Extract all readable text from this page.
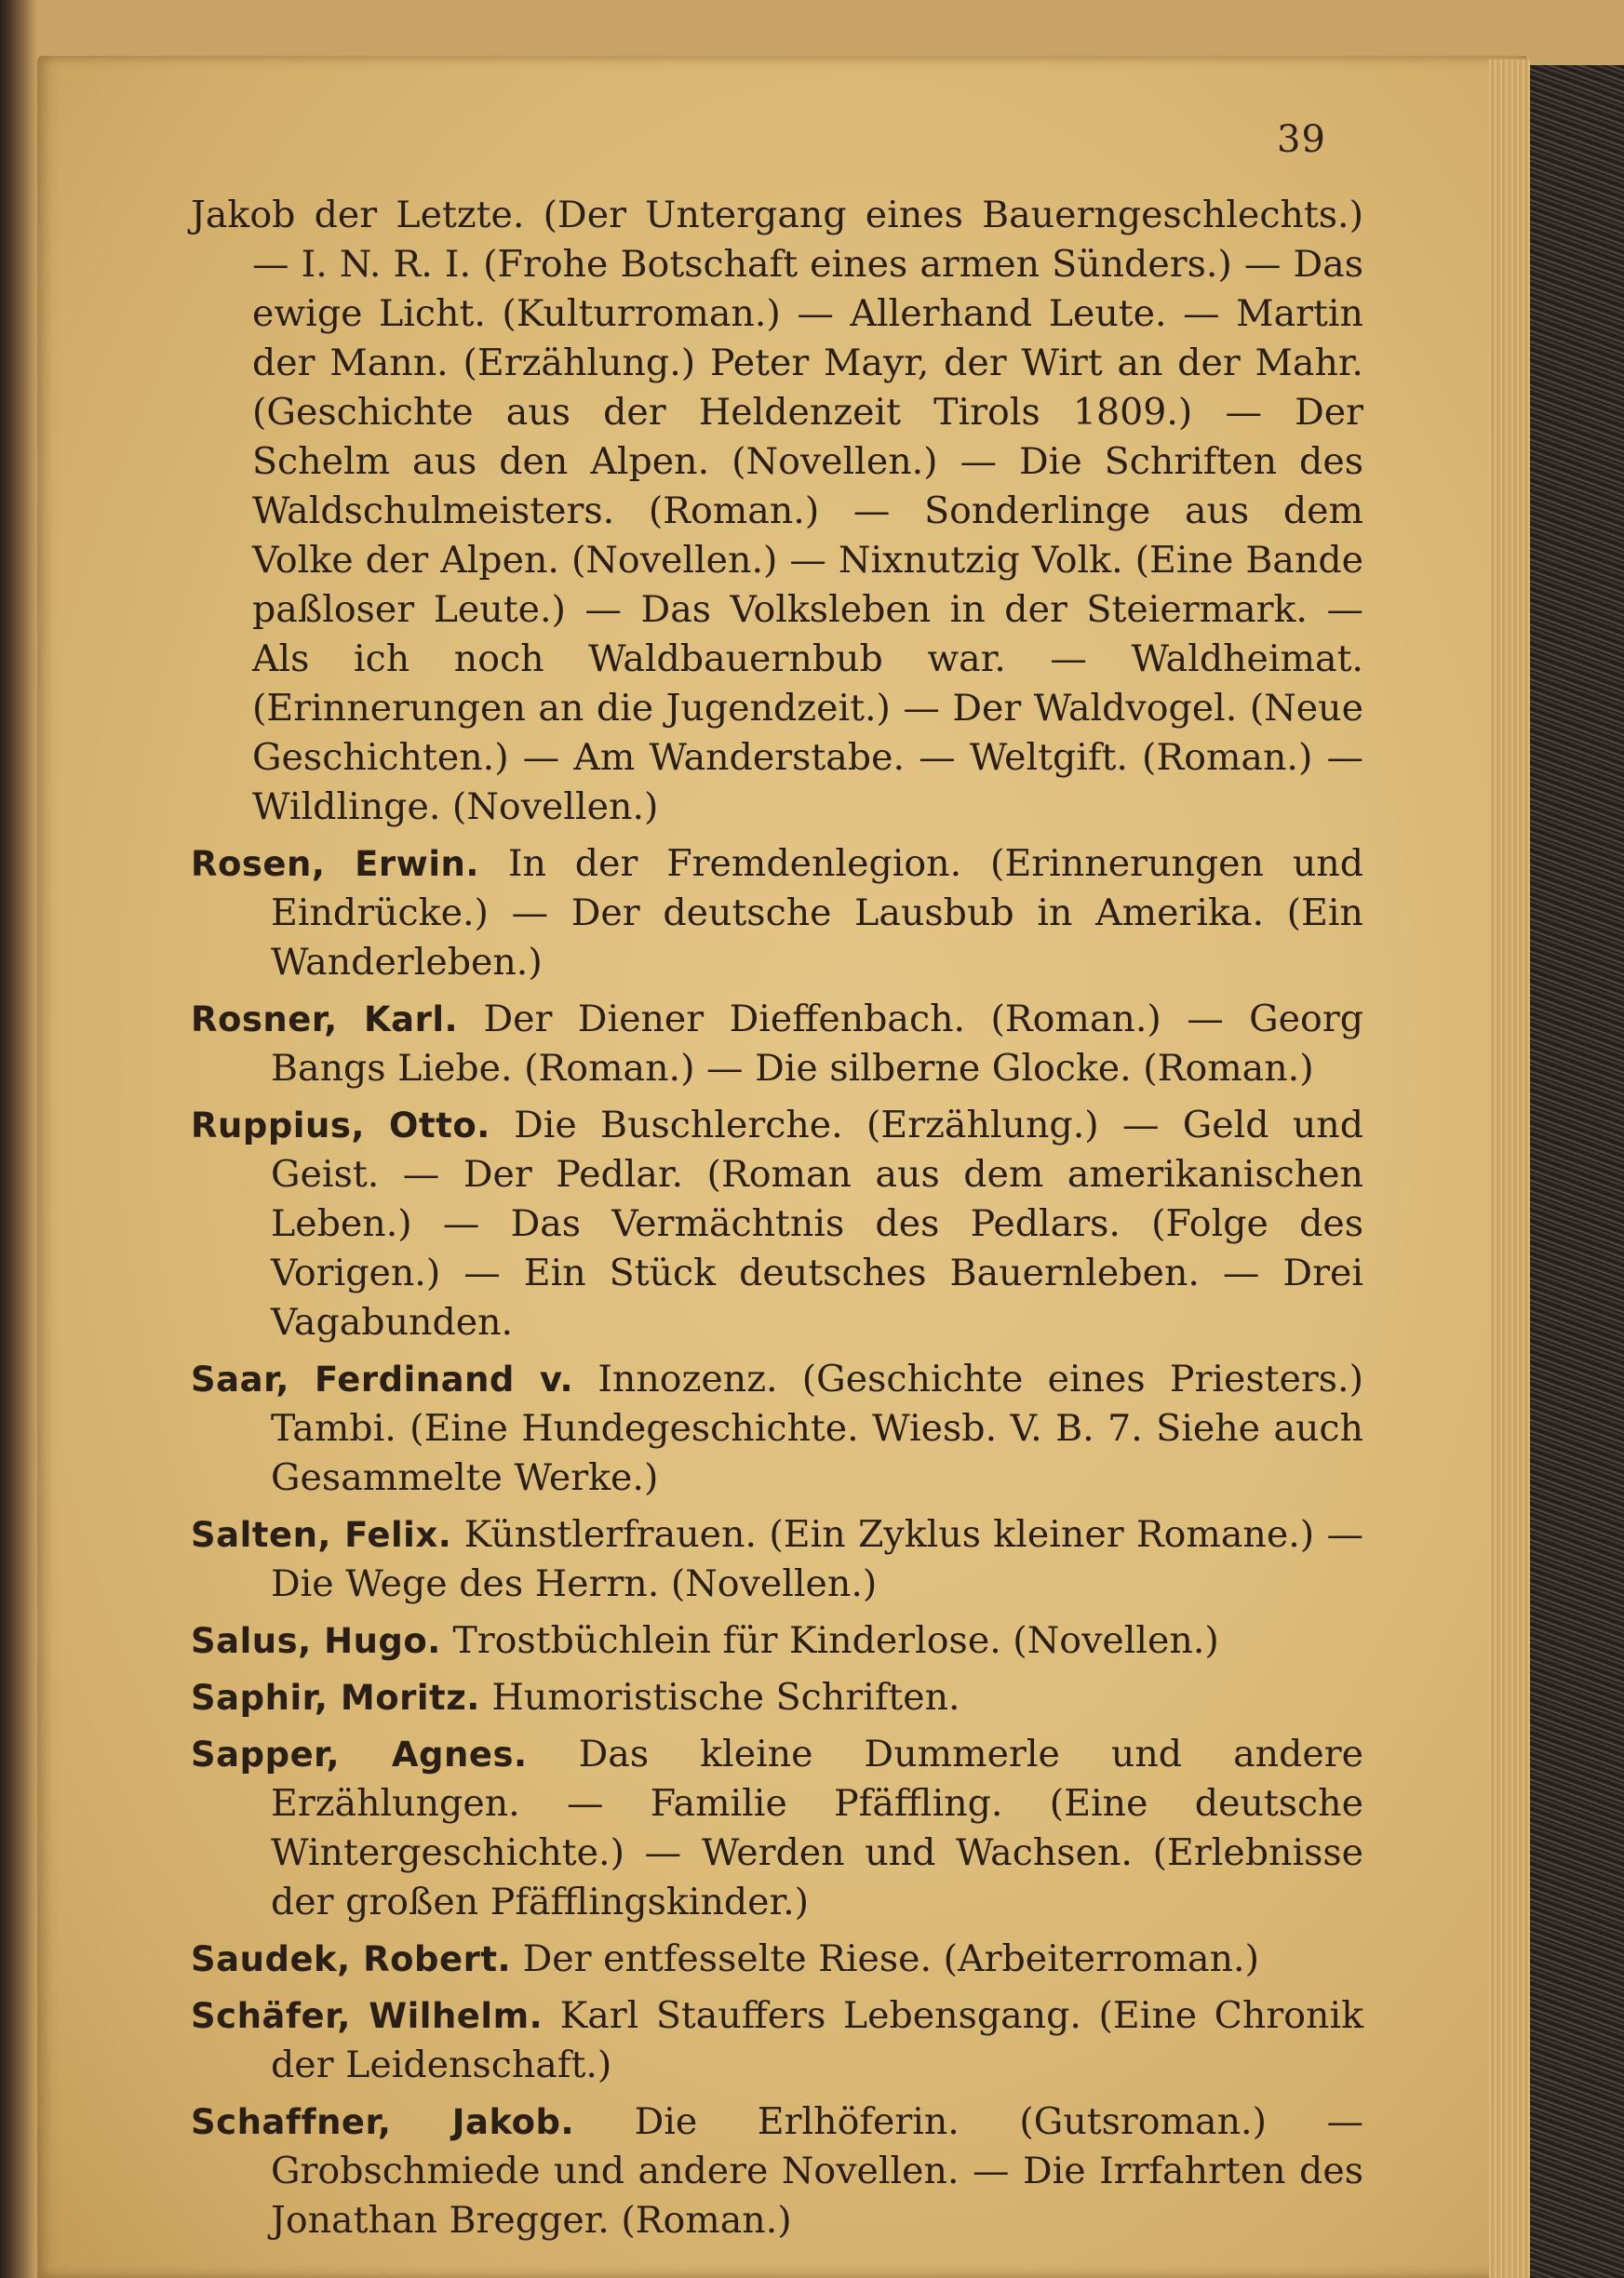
39

Jakob der Letzte. (Der Untergang eines Bauerngeschlechts.) — I. N. R. I. (Frohe Botschaft eines armen Sünders.) — Das ewige Licht. (Kulturroman.) — Allerhand Leute. — Martin der Mann. (Erzählung.) Peter Mayr, der Wirt an der Mahr. (Geschichte aus der Heldenzeit Tirols 1809.) — Der Schelm aus den Alpen. (Novellen.) — Die Schriften des Waldschulmeisters. (Roman.) — Sonderlinge aus dem Volke der Alpen. (Novellen.) — Nixnutzig Volk. (Eine Bande paßloser Leute.) — Das Volksleben in der Steiermark. — Als ich noch Waldbauernbub war. — Waldheimat. (Erinnerungen an die Jugendzeit.) — Der Waldvogel. (Neue Geschichten.) — Am Wanderstabe. — Weltgift. (Roman.) — Wildlinge. (Novellen.)

Rosen, Erwin. In der Fremdenlegion. (Erinnerungen und Eindrücke.) — Der deutsche Lausbub in Amerika. (Ein Wanderleben.)

Rosner, Karl. Der Diener Dieffenbach. (Roman.) — Georg Bangs Liebe. (Roman.) — Die silberne Glocke. (Roman.)

Ruppius, Otto. Die Buschlerche. (Erzählung.) — Geld und Geist. — Der Pedlar. (Roman aus dem amerikanischen Leben.) — Das Vermächtnis des Pedlars. (Folge des Vorigen.) — Ein Stück deutsches Bauernleben. — Drei Vagabunden.

Saar, Ferdinand v. Innozenz. (Geschichte eines Priesters.) Tambi. (Eine Hundegeschichte. Wiesb. V. B. 7. Siehe auch Gesammelte Werke.)

Salten, Felix. Künstlerfrauen. (Ein Zyklus kleiner Romane.) — Die Wege des Herrn. (Novellen.)

Salus, Hugo. Trostbüchlein für Kinderlose. (Novellen.)

Saphir, Moritz. Humoristische Schriften.

Sapper, Agnes. Das kleine Dummerle und andere Erzählungen. — Familie Pfäffling. (Eine deutsche Wintergeschichte.) — Werden und Wachsen. (Erlebnisse der großen Pfäfflingskinder.)

Saudek, Robert. Der entfesselte Riese. (Arbeiterroman.)

Schäfer, Wilhelm. Karl Stauffers Lebensgang. (Eine Chronik der Leidenschaft.)

Schaffner, Jakob. Die Erlhöferin. (Gutsroman.) — Grobschmiede und andere Novellen. — Die Irrfahrten des Jonathan Bregger. (Roman.)
